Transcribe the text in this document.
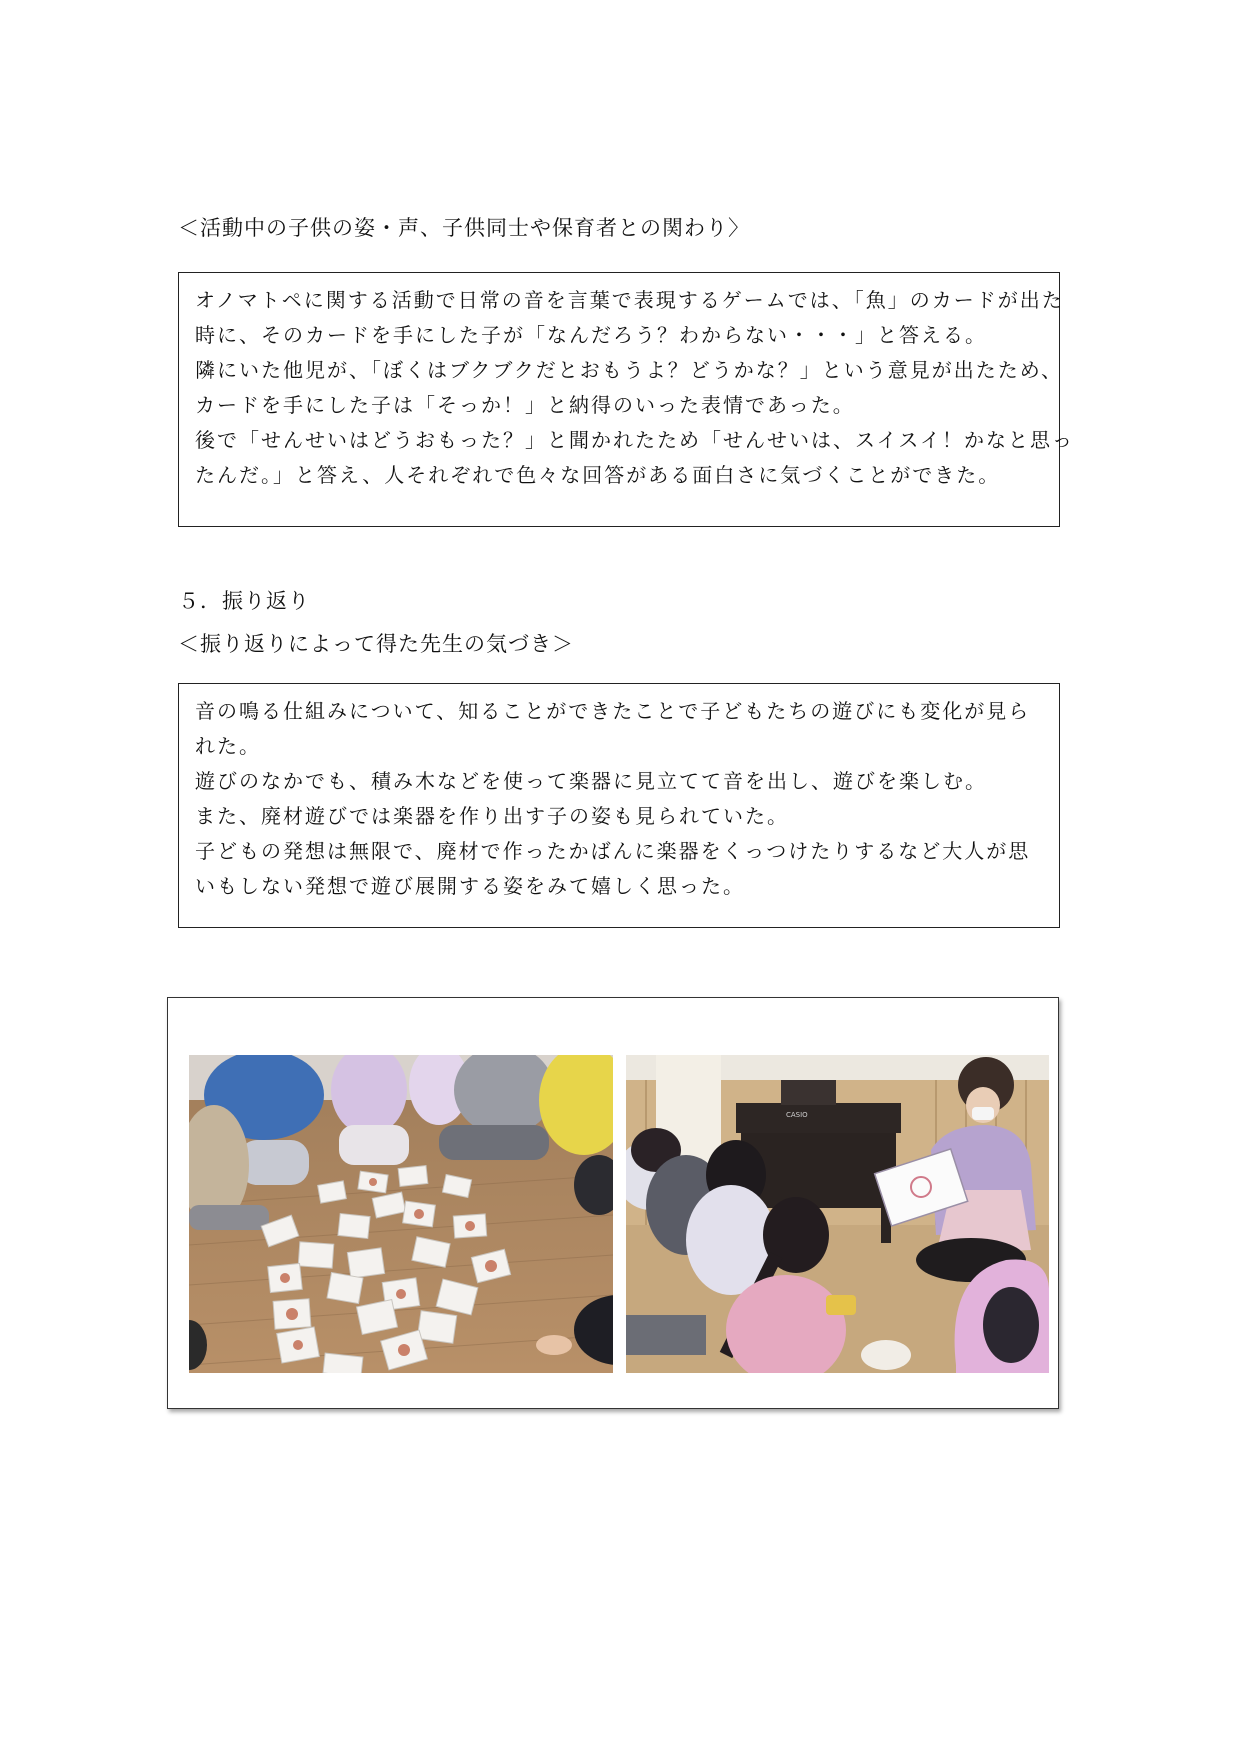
＜活動中の子供の姿・声、子供同士や保育者との関わり〉

オノマトペに関する活動で日常の音を言葉で表現するゲームでは、「魚」のカードが出た

時に、そのカードを手にした子が「なんだろう？わからない・・・」と答える。

隣にいた他児が、「ぼくはブクブクだとおもうよ？どうかな？」という意見が出たため、

カードを手にした子は「そっか！」と納得のいった表情であった。

後で「せんせいはどうおもった？」と聞かれたため「せんせいは、スイスイ！かなと思っ

たんだ。」と答え、人それぞれで色々な回答がある面白さに気づくことができた。

５．振り返り
＜振り返りによって得た先生の気づき＞

音の鳴る仕組みについて、知ることができたことで子どもたちの遊びにも変化が見ら

れた。

遊びのなかでも、積み木などを使って楽器に見立てて音を出し、遊びを楽しむ。

また、廃材遊びでは楽器を作り出す子の姿も見られていた。

子どもの発想は無限で、廃材で作ったかばんに楽器をくっつけたりするなど大人が思

いもしない発想で遊び展開する姿をみて嬉しく思った。

CASIO
